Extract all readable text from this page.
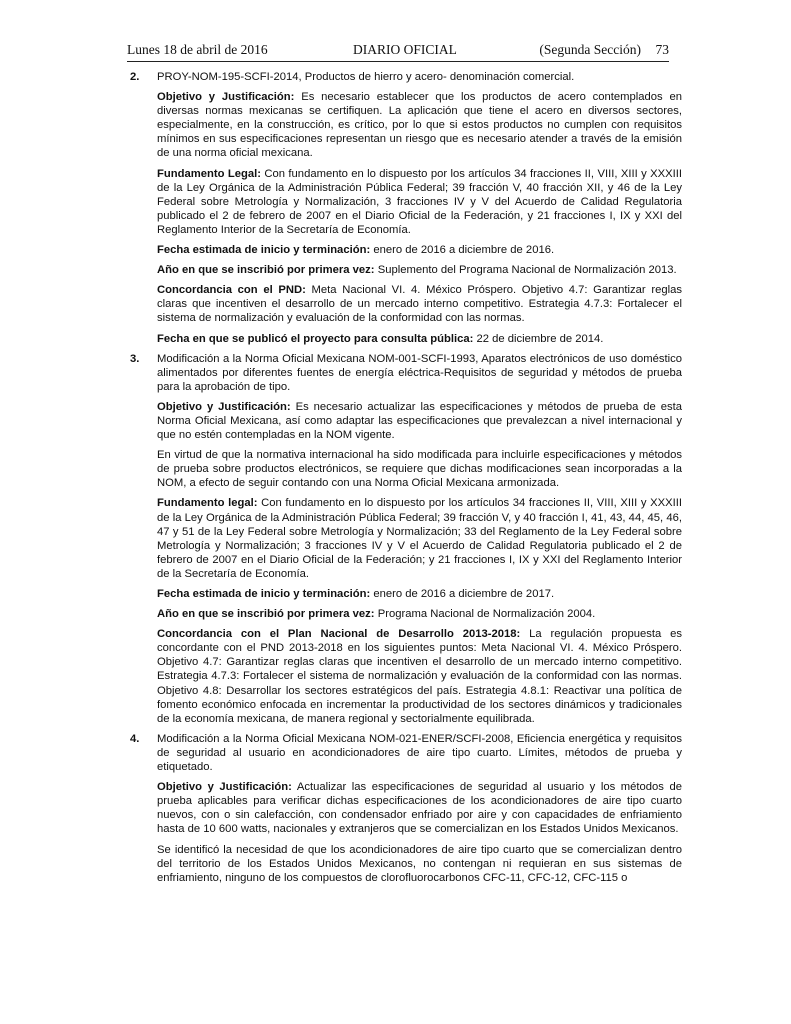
Lunes 18 de abril de 2016	DIARIO OFICIAL	(Segunda Sección) 73
2. PROY-NOM-195-SCFI-2014, Productos de hierro y acero- denominación comercial.

Objetivo y Justificación: Es necesario establecer que los productos de acero contemplados en diversas normas mexicanas se certifiquen. La aplicación que tiene el acero en diversos sectores, especialmente, en la construcción, es crítico, por lo que si estos productos no cumplen con requisitos mínimos en sus especificaciones representan un riesgo que es necesario atender a través de la emisión de una norma oficial mexicana.

Fundamento Legal: Con fundamento en lo dispuesto por los artículos 34 fracciones II, VIII, XIII y XXXIII de la Ley Orgánica de la Administración Pública Federal; 39 fracción V, 40 fracción XII, y 46 de la Ley Federal sobre Metrología y Normalización, 3 fracciones IV y V del Acuerdo de Calidad Regulatoria publicado el 2 de febrero de 2007 en el Diario Oficial de la Federación, y 21 fracciones I, IX y XXI del Reglamento Interior de la Secretaría de Economía.

Fecha estimada de inicio y terminación: enero de 2016 a diciembre de 2016.

Año en que se inscribió por primera vez: Suplemento del Programa Nacional de Normalización 2013.

Concordancia con el PND: Meta Nacional VI. 4. México Próspero. Objetivo 4.7: Garantizar reglas claras que incentiven el desarrollo de un mercado interno competitivo. Estrategia 4.7.3: Fortalecer el sistema de normalización y evaluación de la conformidad con las normas.

Fecha en que se publicó el proyecto para consulta pública: 22 de diciembre de 2014.

3. Modificación a la Norma Oficial Mexicana NOM-001-SCFI-1993, Aparatos electrónicos de uso doméstico alimentados por diferentes fuentes de energía eléctrica-Requisitos de seguridad y métodos de prueba para la aprobación de tipo.

Objetivo y Justificación: Es necesario actualizar las especificaciones y métodos de prueba de esta Norma Oficial Mexicana, así como adaptar las especificaciones que prevalezcan a nivel internacional y que no estén contempladas en la NOM vigente.

En virtud de que la normativa internacional ha sido modificada para incluirle especificaciones y métodos de prueba sobre productos electrónicos, se requiere que dichas modificaciones sean incorporadas a la NOM, a efecto de seguir contando con una Norma Oficial Mexicana armonizada.

Fundamento legal: Con fundamento en lo dispuesto por los artículos 34 fracciones II, VIII, XIII y XXXIII de la Ley Orgánica de la Administración Pública Federal; 39 fracción V, y 40 fracción I, 41, 43, 44, 45, 46, 47 y 51 de la Ley Federal sobre Metrología y Normalización; 33 del Reglamento de la Ley Federal sobre Metrología y Normalización; 3 fracciones IV y V el Acuerdo de Calidad Regulatoria publicado el 2 de febrero de 2007 en el Diario Oficial de la Federación; y 21 fracciones I, IX y XXI del Reglamento Interior de la Secretaría de Economía.

Fecha estimada de inicio y terminación: enero de 2016 a diciembre de 2017.

Año en que se inscribió por primera vez: Programa Nacional de Normalización 2004.

Concordancia con el Plan Nacional de Desarrollo 2013-2018: La regulación propuesta es concordante con el PND 2013-2018 en los siguientes puntos: Meta Nacional VI. 4. México Próspero. Objetivo 4.7: Garantizar reglas claras que incentiven el desarrollo de un mercado interno competitivo. Estrategia 4.7.3: Fortalecer el sistema de normalización y evaluación de la conformidad con las normas. Objetivo 4.8: Desarrollar los sectores estratégicos del país. Estrategia 4.8.1: Reactivar una política de fomento económico enfocada en incrementar la productividad de los sectores dinámicos y tradicionales de la economía mexicana, de manera regional y sectorialmente equilibrada.

4. Modificación a la Norma Oficial Mexicana NOM-021-ENER/SCFI-2008, Eficiencia energética y requisitos de seguridad al usuario en acondicionadores de aire tipo cuarto. Límites, métodos de prueba y etiquetado.

Objetivo y Justificación: Actualizar las especificaciones de seguridad al usuario y los métodos de prueba aplicables para verificar dichas especificaciones de los acondicionadores de aire tipo cuarto nuevos, con o sin calefacción, con condensador enfriado por aire y con capacidades de enfriamiento hasta de 10 600 watts, nacionales y extranjeros que se comercializan en los Estados Unidos Mexicanos.

Se identificó la necesidad de que los acondicionadores de aire tipo cuarto que se comercializan dentro del territorio de los Estados Unidos Mexicanos, no contengan ni requieran en sus sistemas de enfriamiento, ninguno de los compuestos de clorofluorocarbonos CFC-11, CFC-12, CFC-115 o
